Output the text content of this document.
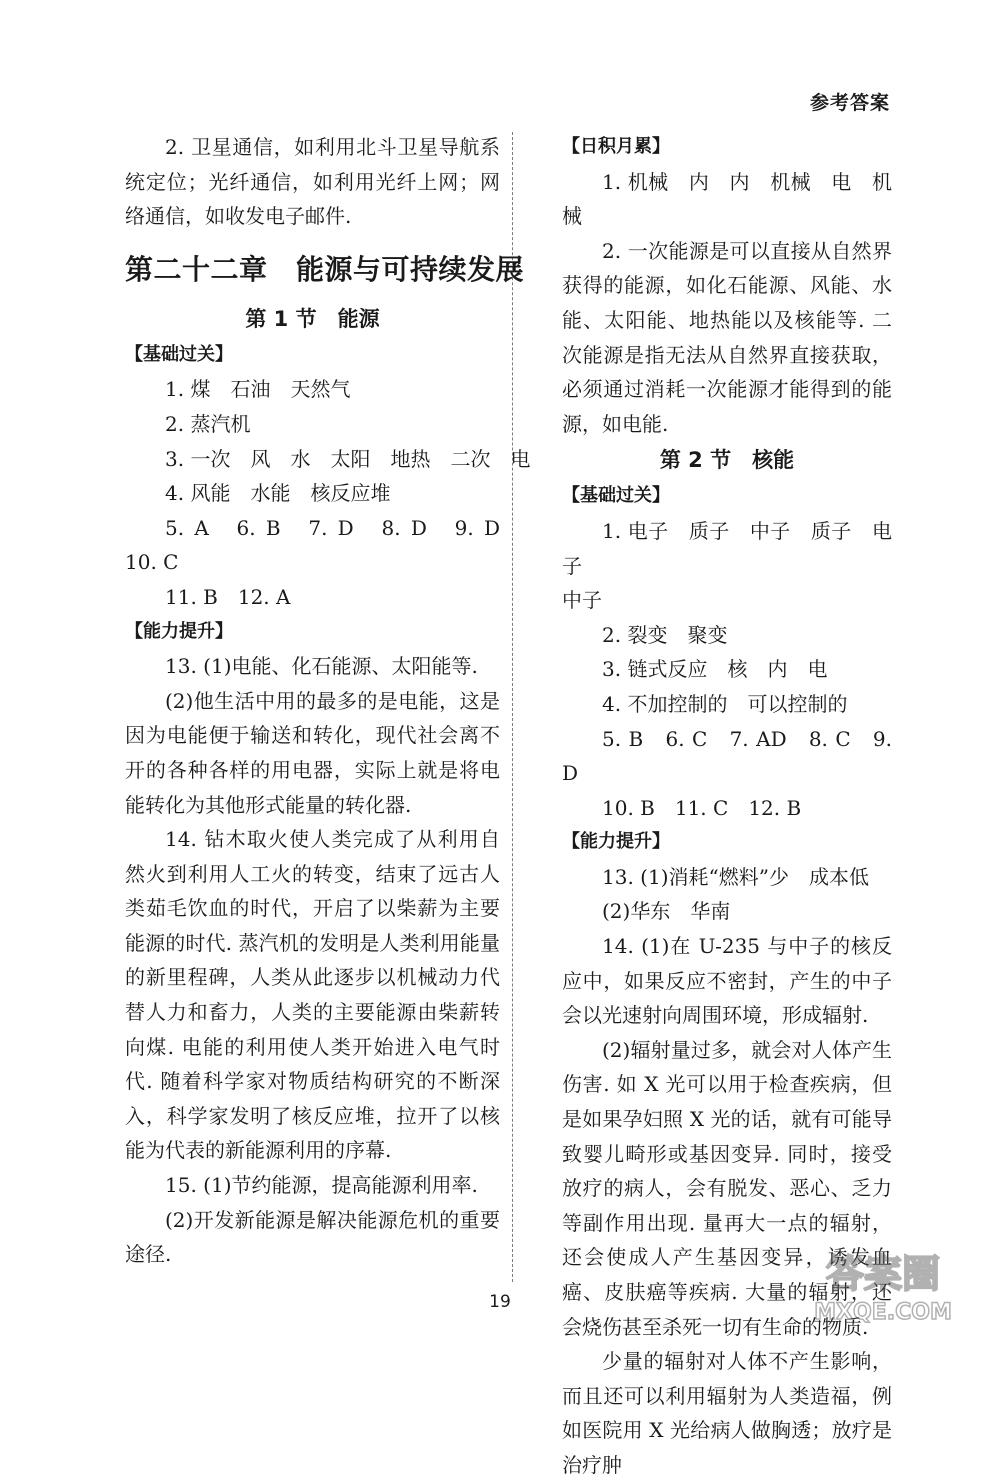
参考答案

2. 卫星通信，如利用北斗卫星导航系统定位；光纤通信，如利用光纤上网；网络通信，如收发电子邮件.

第二十二章　能源与可持续发展
第 1 节　能源

【基础过关】

1. 煤　石油　天然气

2. 蒸汽机

3. 一次　风　水　太阳　地热　二次　电

4. 风能　水能　核反应堆

5. A　6. B　7. D　8. D　9. D　10. C

11. B　12. A

【能力提升】

13. (1)电能、化石能源、太阳能等.

(2)他生活中用的最多的是电能，这是因为电能便于输送和转化，现代社会离不开的各种各样的用电器，实际上就是将电能转化为其他形式能量的转化器.

14. 钻木取火使人类完成了从利用自然火到利用人工火的转变，结束了远古人类茹毛饮血的时代，开启了以柴薪为主要能源的时代. 蒸汽机的发明是人类利用能量的新里程碑，人类从此逐步以机械动力代替人力和畜力，人类的主要能源由柴薪转向煤. 电能的利用使人类开始进入电气时代. 随着科学家对物质结构研究的不断深入，科学家发明了核反应堆，拉开了以核能为代表的新能源利用的序幕.

15. (1)节约能源，提高能源利用率.

(2)开发新能源是解决能源危机的重要途径.

【日积月累】

1. 机械　内　内　机械　电　机械

2. 一次能源是可以直接从自然界获得的能源，如化石能源、风能、水能、太阳能、地热能以及核能等. 二次能源是指无法从自然界直接获取，必须通过消耗一次能源才能得到的能源，如电能.

第 2 节　核能

【基础过关】

1. 电子　质子　中子　质子　电子

中子

2. 裂变　聚变

3. 链式反应　核　内　电

4. 不加控制的　可以控制的

5. B　6. C　7. AD　8. C　9. D

10. B　11. C　12. B

【能力提升】

13. (1)消耗“燃料”少　成本低

(2)华东　华南

14. (1)在 U-235 与中子的核反应中，如果反应不密封，产生的中子会以光速射向周围环境，形成辐射.

(2)辐射量过多，就会对人体产生伤害. 如 X 光可以用于检查疾病，但是如果孕妇照 X 光的话，就有可能导致婴儿畸形或基因变异. 同时，接受放疗的病人，会有脱发、恶心、乏力等副作用出现. 量再大一点的辐射，还会使成人产生基因变异，诱发血癌、皮肤癌等疾病. 大量的辐射，还会烧伤甚至杀死一切有生命的物质.

少量的辐射对人体不产生影响，而且还可以利用辐射为人类造福，例如医院用 X 光给病人做胸透；放疗是治疗肿

19
答案圈
MXQE.COM
